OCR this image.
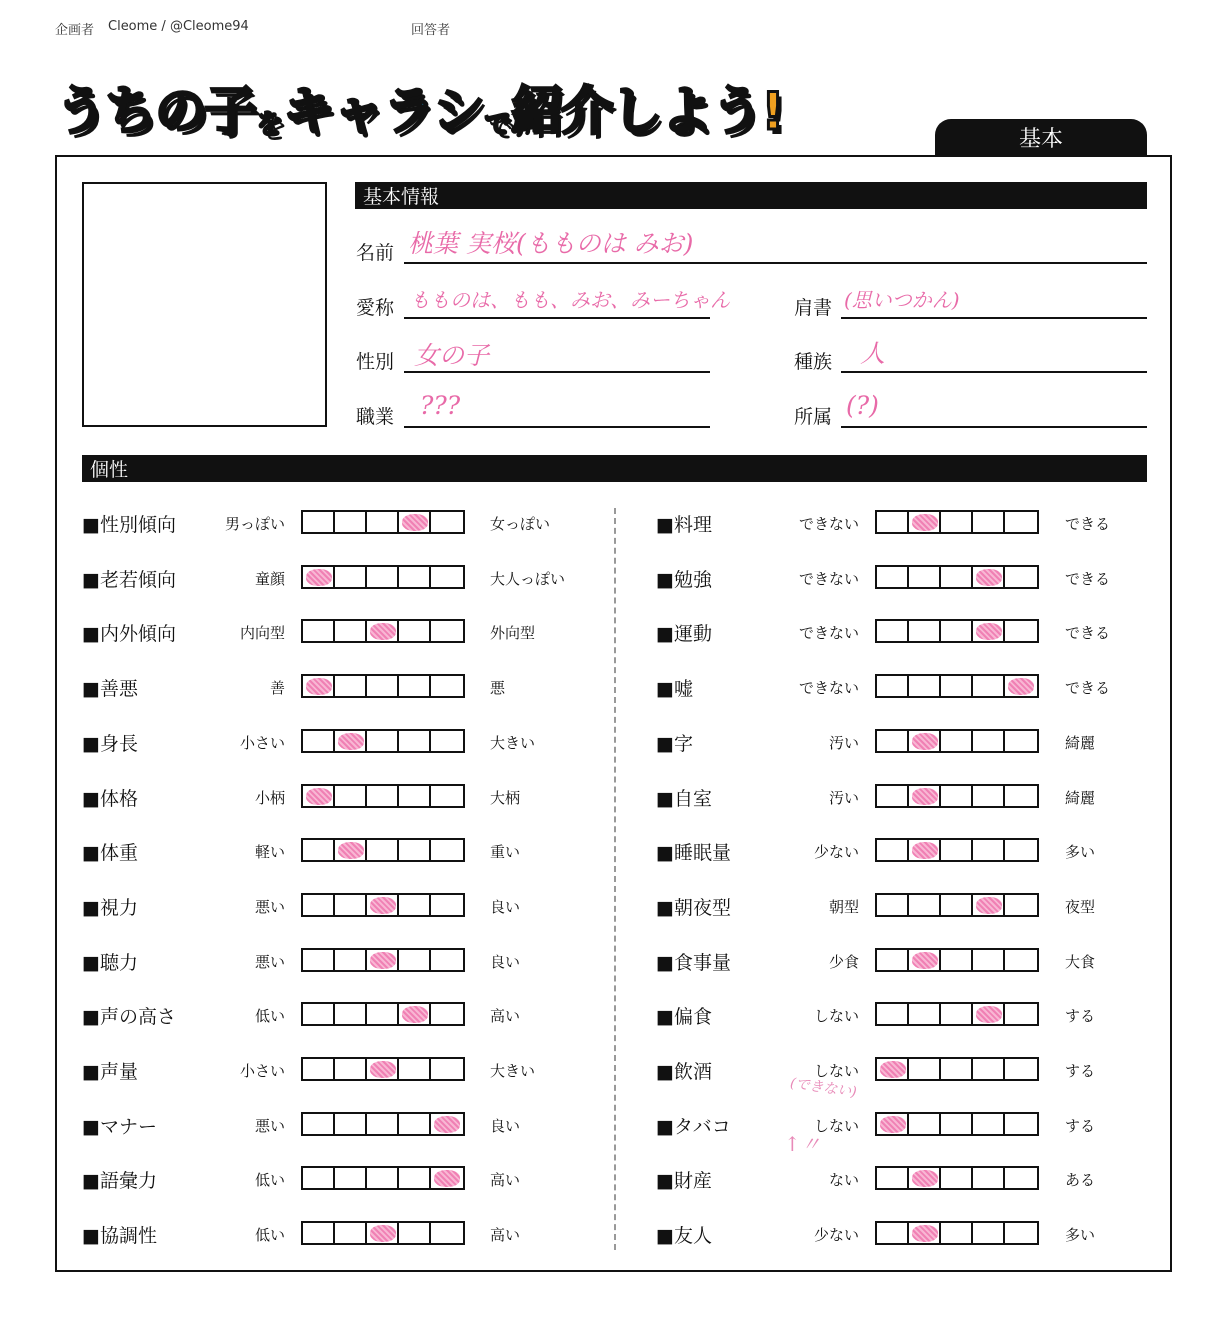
企画者 Cleome / @Cleome94	回答者
うちの子 を キャラシ で 紹介しよう!	基本
基本情報
名前 桃葉 実桜(もものは みお)
愛称 もものは、もも、みお、みーちゃん	肩書 (思いつかん)
性別 女の子	種族 人
職業 ???	所属 (?)
個性
■性別傾向	男っぽい	女っぽい
■老若傾向	童顔	大人っぽい
■内外傾向	内向型	外向型
■善悪	善	悪
■身長	小さい	大きい
■体格	小柄	大柄
■体重	軽い	重い
■視力	悪い	良い
■聴力	悪い	良い
■声の高さ	低い	高い
■声量	小さい	大きい
■マナー	悪い	良い
■語彙力	低い	高い
■協調性	低い	高い
■料理	できない	できる
■勉強	できない	できる
■運動	できない	できる
■嘘	できない	できる
■字	汚い	綺麗
■自室	汚い	綺麗
■睡眠量	少ない	多い
■朝夜型	朝型	夜型
■食事量	少食	大食
■偏食	しない	する
■飲酒	しない	する
■タバコ	しない	する
■財産	ない	ある
■友人	少ない	多い
(できない)
↑〃
